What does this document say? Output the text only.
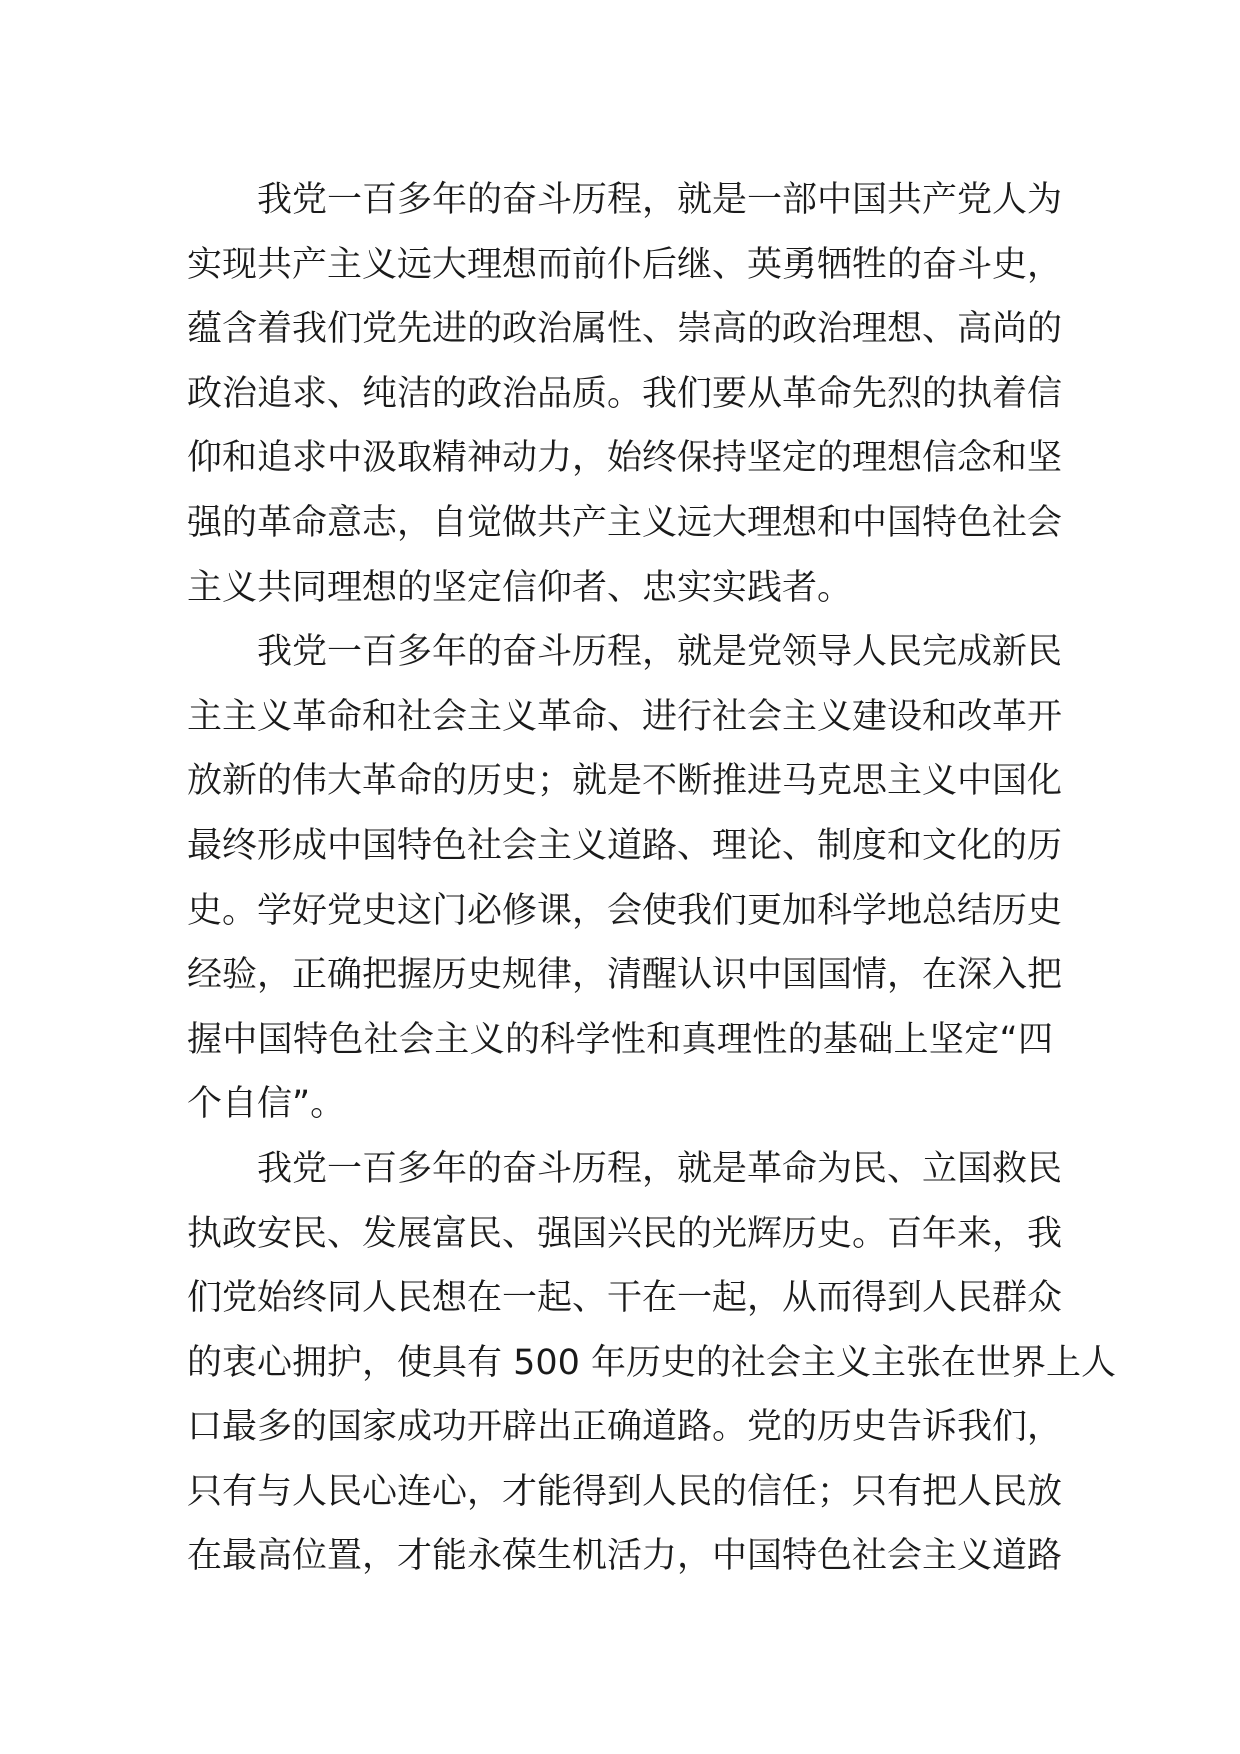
我党一百多年的奋斗历程，就是一部中国共产党人为
实现共产主义远大理想而前仆后继、英勇牺牲的奋斗史，
蕴含着我们党先进的政治属性、崇高的政治理想、高尚的
政治追求、纯洁的政治品质。我们要从革命先烈的执着信
仰和追求中汲取精神动力，始终保持坚定的理想信念和坚
强的革命意志，自觉做共产主义远大理想和中国特色社会
主义共同理想的坚定信仰者、忠实实践者。
我党一百多年的奋斗历程，就是党领导人民完成新民
主主义革命和社会主义革命、进行社会主义建设和改革开
放新的伟大革命的历史；就是不断推进马克思主义中国化
最终形成中国特色社会主义道路、理论、制度和文化的历
史。学好党史这门必修课，会使我们更加科学地总结历史
经验，正确把握历史规律，清醒认识中国国情，在深入把
握中国特色社会主义的科学性和真理性的基础上坚定“四
个自信”。
我党一百多年的奋斗历程，就是革命为民、立国救民
执政安民、发展富民、强国兴民的光辉历史。百年来，我
们党始终同人民想在一起、干在一起，从而得到人民群众
的衷心拥护，使具有 500 年历史的社会主义主张在世界上人
口最多的国家成功开辟出正确道路。党的历史告诉我们，
只有与人民心连心，才能得到人民的信任；只有把人民放
在最高位置，才能永葆生机活力，中国特色社会主义道路
